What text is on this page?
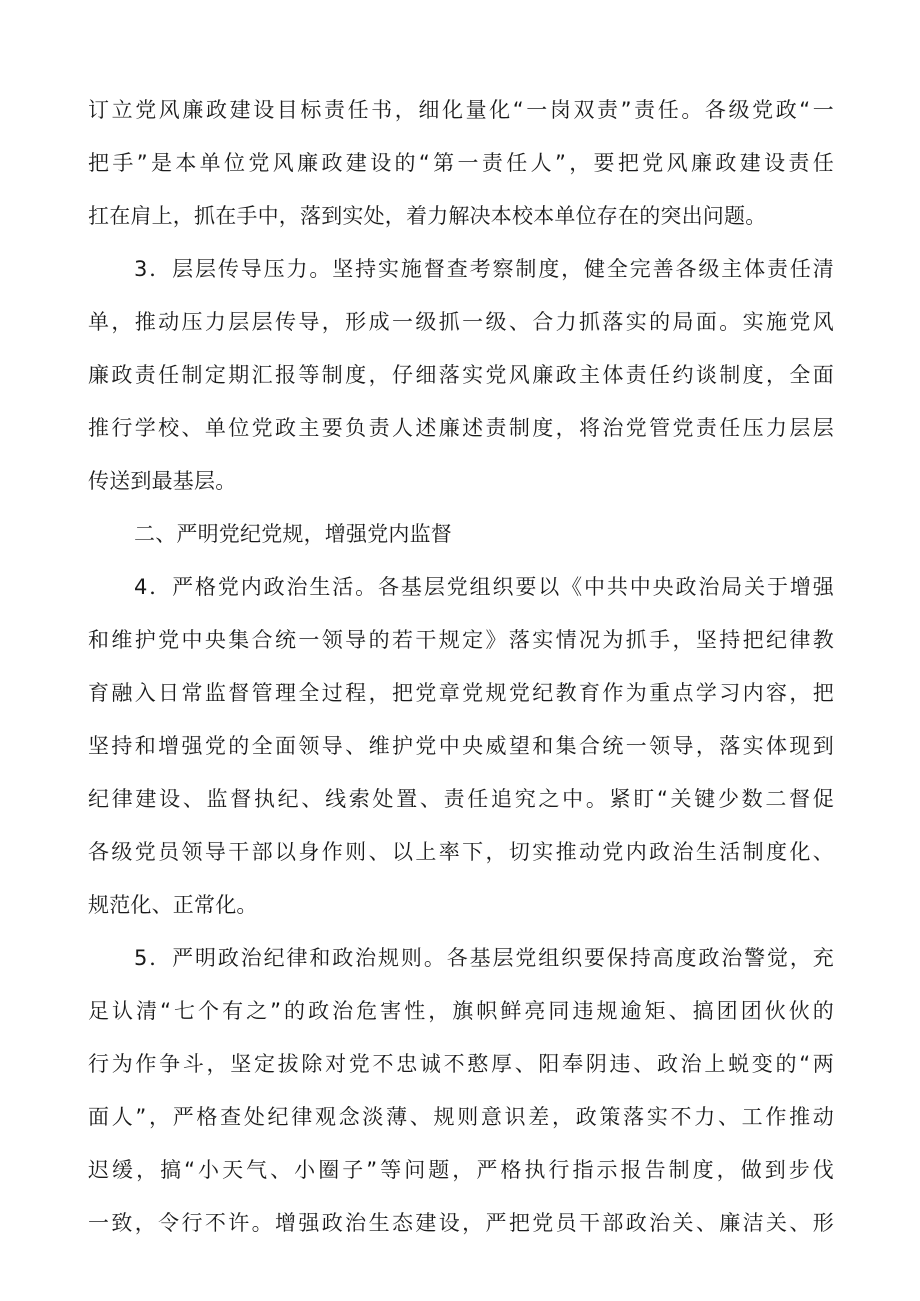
订立党风廉政建设目标责任书，细化量化“一岗双责”责任。各级党政“一
把手”是本单位党风廉政建设的“第一责任人”，要把党风廉政建设责任
扛在肩上，抓在手中，落到实处，着力解决本校本单位存在的突出问题。
3．层层传导压力。坚持实施督查考察制度，健全完善各级主体责任清
单，推动压力层层传导，形成一级抓一级、合力抓落实的局面。实施党风
廉政责任制定期汇报等制度，仔细落实党风廉政主体责任约谈制度，全面
推行学校、单位党政主要负责人述廉述责制度，将治党管党责任压力层层
传送到最基层。
二、严明党纪党规，增强党内监督
4．严格党内政治生活。各基层党组织要以《中共中央政治局关于增强
和维护党中央集合统一领导的若干规定》落实情况为抓手，坚持把纪律教
育融入日常监督管理全过程，把党章党规党纪教育作为重点学习内容，把
坚持和增强党的全面领导、维护党中央威望和集合统一领导，落实体现到
纪律建设、监督执纪、线索处置、责任追究之中。紧盯“关键少数二督促
各级党员领导干部以身作则、以上率下，切实推动党内政治生活制度化、
规范化、正常化。
5．严明政治纪律和政治规则。各基层党组织要保持高度政治警觉，充
足认清“七个有之”的政治危害性，旗帜鲜亮同违规逾矩、搞团团伙伙的
行为作争斗，坚定拔除对党不忠诚不憨厚、阳奉阴违、政治上蜕变的“两
面人”，严格查处纪律观念淡薄、规则意识差，政策落实不力、工作推动
迟缓，搞“小天气、小圈子”等问题，严格执行指示报告制度，做到步伐
一致，令行不许。增强政治生态建设，严把党员干部政治关、廉洁关、形
